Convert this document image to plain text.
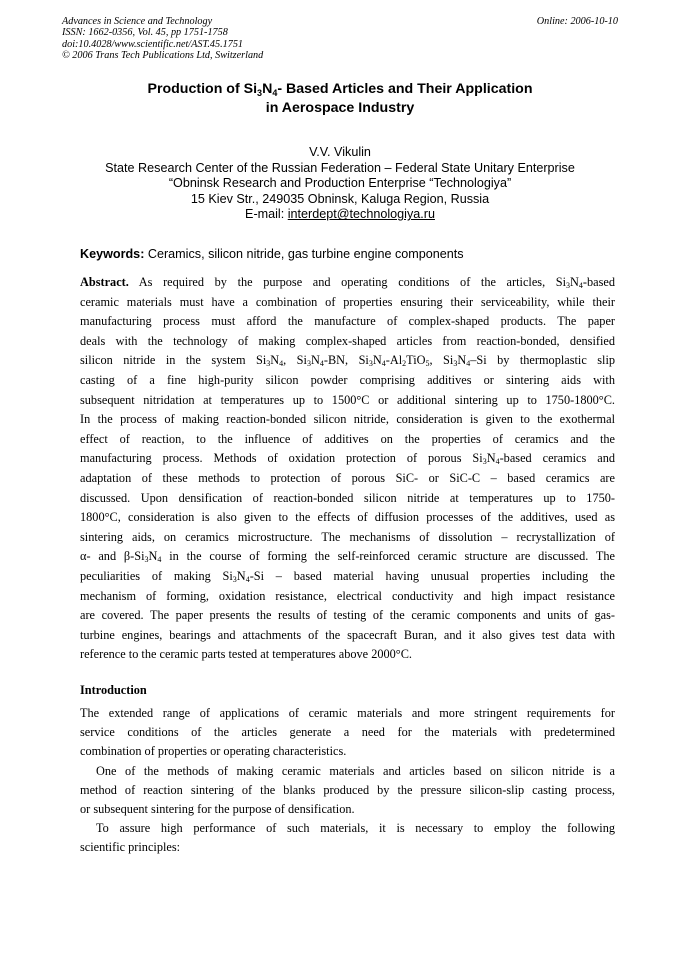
Advances in Science and Technology
ISSN: 1662-0356, Vol. 45, pp 1751-1758
doi:10.4028/www.scientific.net/AST.45.1751
© 2006 Trans Tech Publications Ltd, Switzerland
Online: 2006-10-10
Production of $Si_3N_4-$ Based Articles and Their Application
in Aerospace Industry
V.V. Vikulin
State Research Center of the Russian Federation – Federal State Unitary Enterprise
“Obninsk Research and Production Enterprise “Technologiya”
15 Kiev Str., 249035 Obninsk, Kaluga Region, Russia
E-mail: interdept@technologiya.ru
Keywords: Ceramics, silicon nitride, gas turbine engine components
Abstract. As required by the purpose and operating conditions of the articles, $Si_3N_4$-based
ceramic materials must have a combination of properties ensuring their serviceability, while their
manufacturing process must afford the manufacture of complex-shaped products. The paper
deals with the technology of making complex-shaped articles from reaction-bonded, densified
silicon nitride in the system $Si_3N_4$, $Si_3N_4-BN$, $Si_3N_4-Al_2TiO_5$, $Si_3N_4-Si$ by thermoplastic slip
casting of a fine high-purity silicon powder comprising additives or sintering aids with
subsequent nitridation at temperatures up to 1500°C or additional sintering up to 1750-1800°C.
In the process of making reaction-bonded silicon nitride, consideration is given to the exothermal
effect of reaction, to the influence of additives on the properties of ceramics and the
manufacturing process. Methods of oxidation protection of porous $Si_3N_4$-based ceramics and
adaptation of these methods to protection of porous SiC- or SiC-C – based ceramics are
discussed. Upon densification of reaction-bonded silicon nitride at temperatures up to 1750-
1800°C, consideration is also given to the effects of diffusion processes of the additives, used as
sintering aids, on ceramics microstructure. The mechanisms of dissolution – recrystallization of
α- and $\beta-Si_3N_4$ in the course of forming the self-reinforced ceramic structure are discussed. The
peculiarities of making $Si_3N_4-Si$ – based material having unusual properties including the
mechanism of forming, oxidation resistance, electrical conductivity and high impact resistance
are covered. The paper presents the results of testing of the ceramic components and units of gas-
turbine engines, bearings and attachments of the spacecraft Buran, and it also gives test data with
reference to the ceramic parts tested at temperatures above 2000°C.
Introduction
The extended range of applications of ceramic materials and more stringent requirements for
service conditions of the articles generate a need for the materials with predetermined
combination of properties or operating characteristics.
One of the methods of making ceramic materials and articles based on silicon nitride is a
method of reaction sintering of the blanks produced by the pressure silicon-slip casting process,
or subsequent sintering for the purpose of densification.
To assure high performance of such materials, it is necessary to employ the following
scientific principles:
